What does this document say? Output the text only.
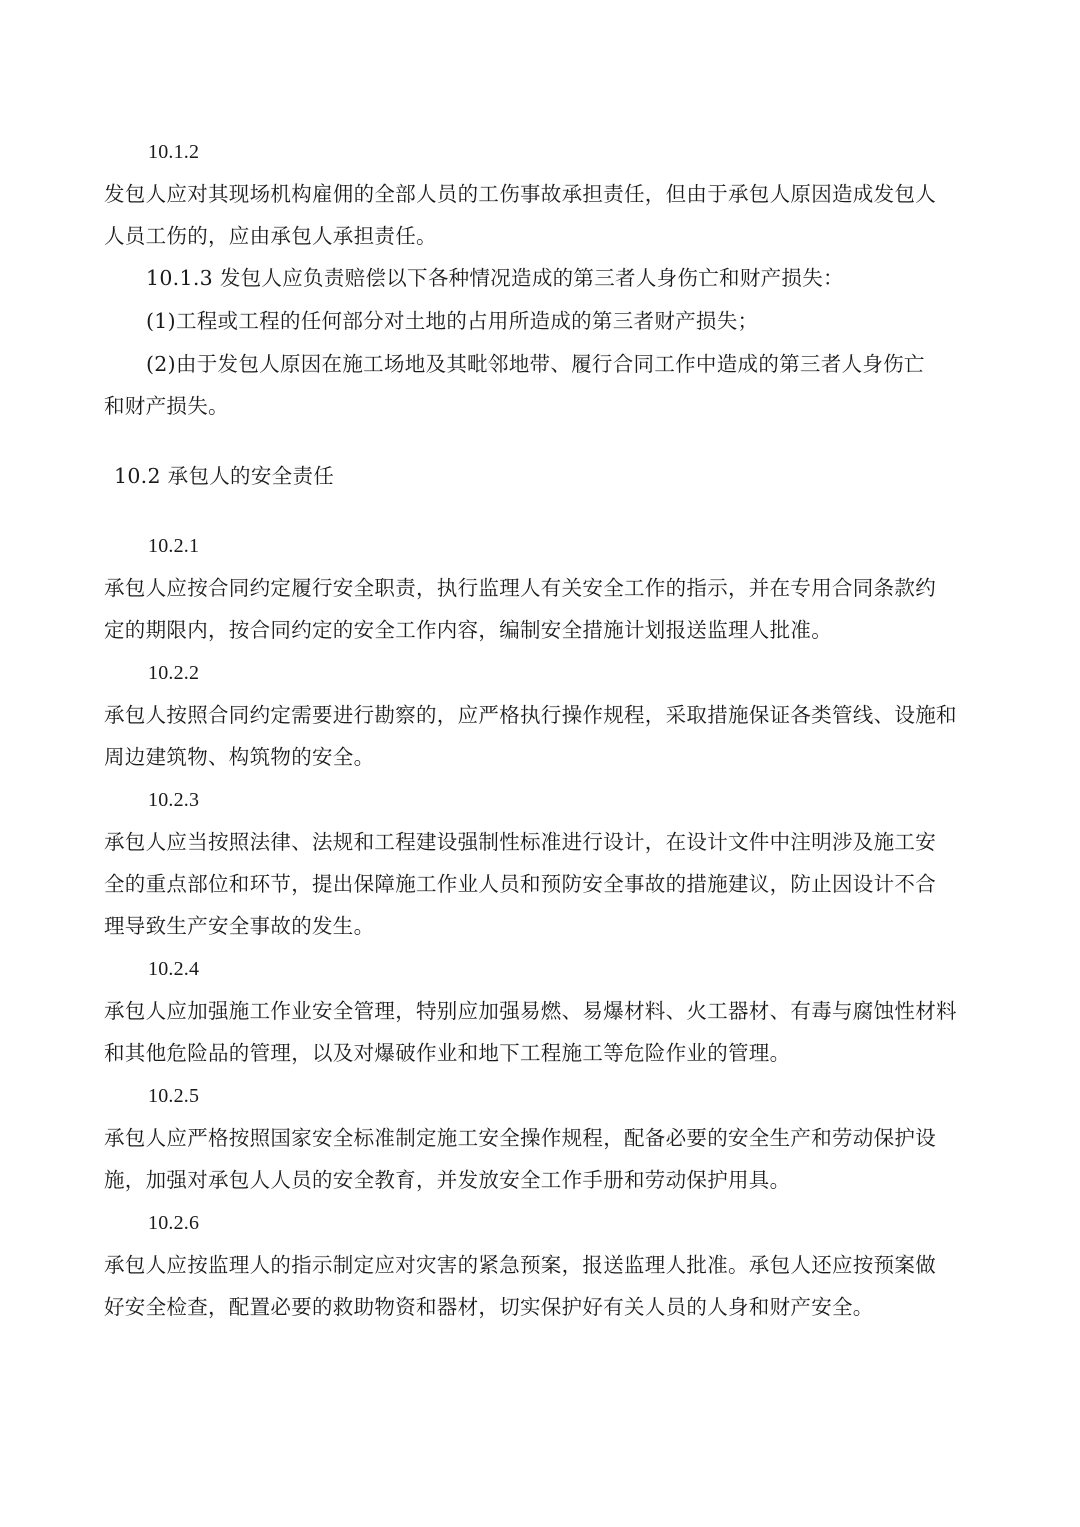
10.1.2
发包人应对其现场机构雇佣的全部人员的工伤事故承担责任，但由于承包人原因造成发包人
人员工伤的，应由承包人承担责任。
10.1.3 发包人应负责赔偿以下各种情况造成的第三者人身伤亡和财产损失：
(1)工程或工程的任何部分对土地的占用所造成的第三者财产损失；
(2)由于发包人原因在施工场地及其毗邻地带、履行合同工作中造成的第三者人身伤亡
和财产损失。
10.2 承包人的安全责任
10.2.1
承包人应按合同约定履行安全职责，执行监理人有关安全工作的指示，并在专用合同条款约
定的期限内，按合同约定的安全工作内容，编制安全措施计划报送监理人批准。
10.2.2
承包人按照合同约定需要进行勘察的，应严格执行操作规程，采取措施保证各类管线、设施和
周边建筑物、构筑物的安全。
10.2.3
承包人应当按照法律、法规和工程建设强制性标准进行设计，在设计文件中注明涉及施工安
全的重点部位和环节，提出保障施工作业人员和预防安全事故的措施建议，防止因设计不合
理导致生产安全事故的发生。
10.2.4
承包人应加强施工作业安全管理，特别应加强易燃、易爆材料、火工器材、有毒与腐蚀性材料
和其他危险品的管理，以及对爆破作业和地下工程施工等危险作业的管理。
10.2.5
承包人应严格按照国家安全标准制定施工安全操作规程，配备必要的安全生产和劳动保护设
施，加强对承包人人员的安全教育，并发放安全工作手册和劳动保护用具。
10.2.6
承包人应按监理人的指示制定应对灾害的紧急预案，报送监理人批准。承包人还应按预案做
好安全检查，配置必要的救助物资和器材，切实保护好有关人员的人身和财产安全。
